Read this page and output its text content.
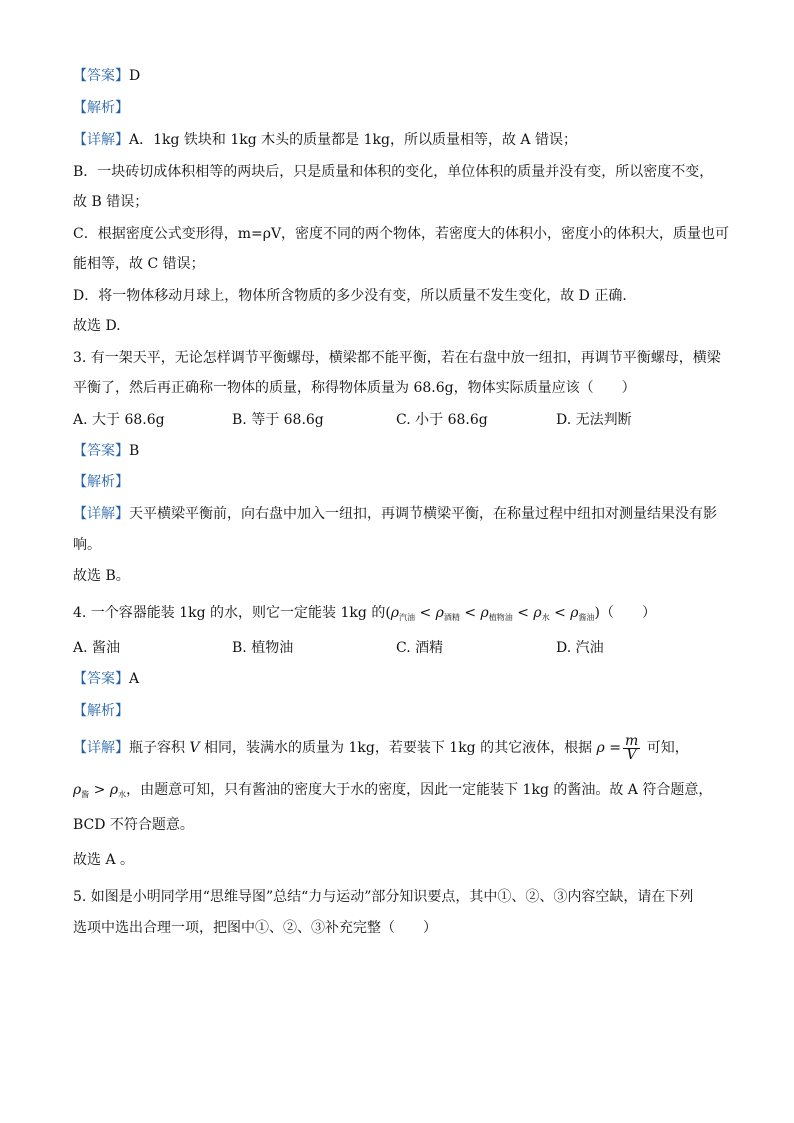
【答案】D
【解析】
【详解】A．1kg 铁块和 1kg 木头的质量都是 1kg，所以质量相等，故 A 错误；
B．一块砖切成体积相等的两块后，只是质量和体积的变化，单位体积的质量并没有变，所以密度不变，
故 B 错误；
C．根据密度公式变形得，m=ρV，密度不同的两个物体，若密度大的体积小，密度小的体积大，质量也可
能相等，故 C 错误；
D．将一物体移动月球上，物体所含物质的多少没有变，所以质量不发生变化，故 D 正确．
故选 D.
3. 有一架天平，无论怎样调节平衡螺母，横梁都不能平衡，若在右盘中放一纽扣，再调节平衡螺母，横梁
平衡了，然后再正确称一物体的质量，称得物体质量为 68.6g，物体实际质量应该（　　）
A. 大于 68.6g	B. 等于 68.6g	C. 小于 68.6g	D. 无法判断
【答案】B
【解析】
【详解】天平横梁平衡前，向右盘中加入一纽扣，再调节横梁平衡，在称量过程中纽扣对测量结果没有影
响。
故选 B。
4. 一个容器能装 1kg 的水，则它一定能装 1kg 的$(\rho_{汽油} < \rho_{酒精} < \rho_{植物油} < \rho_水 < \rho_{酱油})$（　　）
A. 酱油	B. 植物油	C. 酒精	D. 汽油
【答案】A
【解析】
【详解】瓶子容积 V 相同，装满水的质量为 1kg，若要装下 1kg 的其它液体，根据 $\rho = \frac{m}{V}$ 可知，
$\rho_酱 > \rho_水$，由题意可知，只有酱油的密度大于水的密度，因此一定能装下 1kg 的酱油。故 A 符合题意，
BCD 不符合题意。
故选 A 。
5. 如图是小明同学用“思维导图”总结“力与运动”部分知识要点，其中①、②、③内容空缺，请在下列
选项中选出合理一项，把图中①、②、③补充完整（　　）
